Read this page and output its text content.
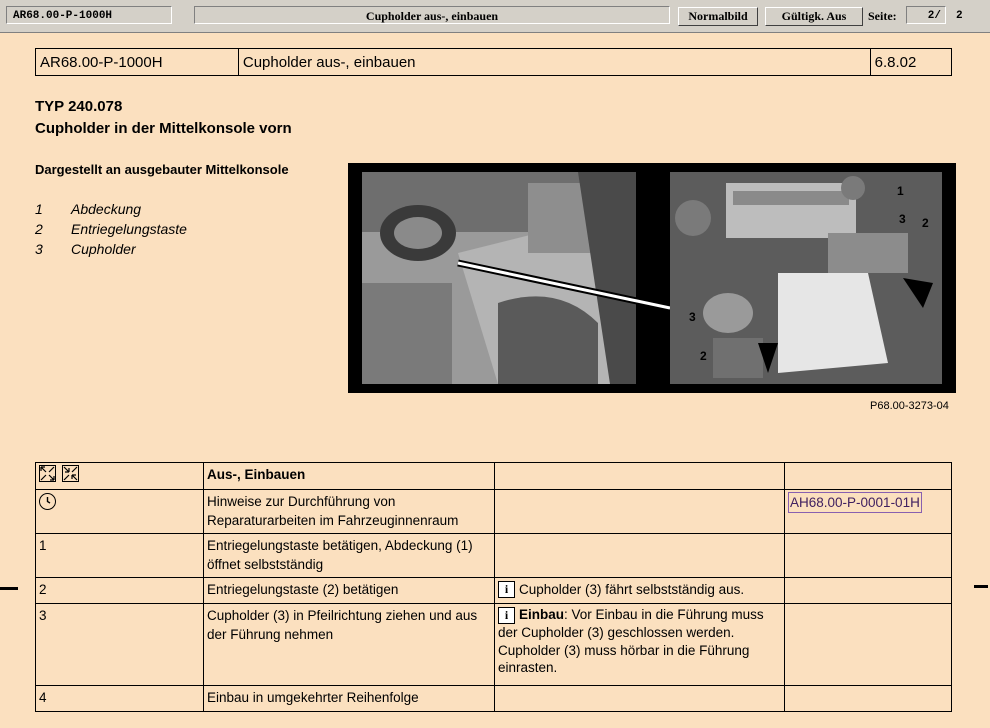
AR68.00-P-1000H	Cupholder aus-, einbauen	Normalbild	Gültigk. Aus	Seite:	2/	2
AR68.00-P-1000H	Cupholder aus-, einbauen	6.8.02
TYP 240.078
Cupholder in der Mittelkonsole vorn
Dargestellt an ausgebauter Mittelkonsole
1 Abdeckung
2 Entriegelungstaste
3 Cupholder
1
3 2
3
2
P68.00-3273-04
	Aus-, Einbauen		
	Hinweise zur Durchführung von Reparaturarbeiten im Fahrzeuginnenraum		AH68.00-P-0001-01H
1	Entriegelungstaste betätigen, Abdeckung (1) öffnet selbstständig		
2	Entriegelungstaste (2) betätigen	i Cupholder (3) fährt selbstständig aus.	
3	Cupholder (3) in Pfeilrichtung ziehen und aus der Führung nehmen	i Einbau: Vor Einbau in die Führung muss der Cupholder (3) geschlossen werden. Cupholder (3) muss hörbar in die Führung einrasten.	
4	Einbau in umgekehrter Reihenfolge		
